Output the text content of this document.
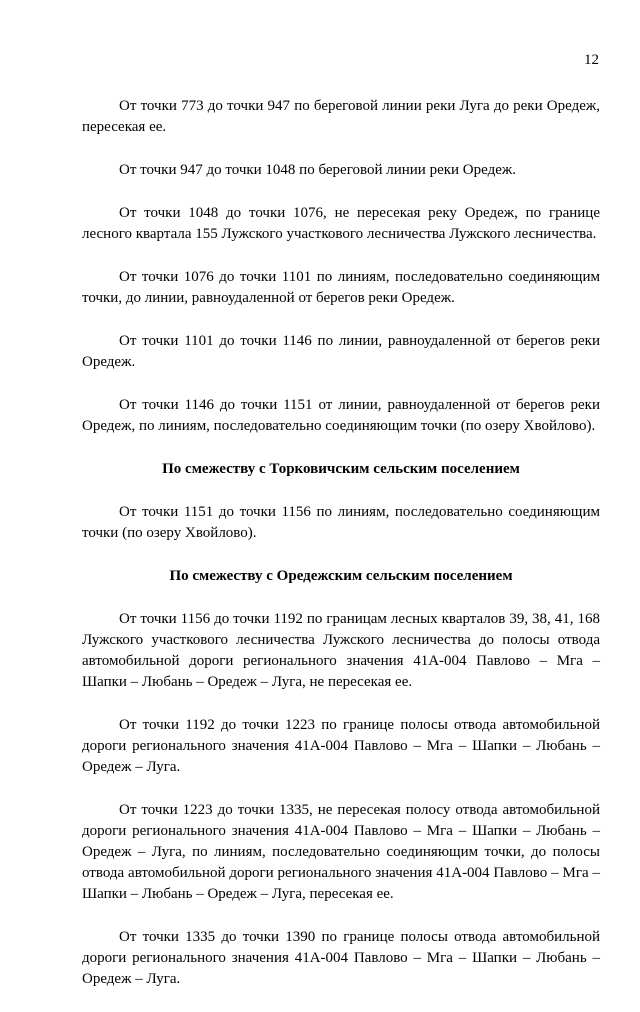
12

От точки 773 до точки 947 по береговой линии реки Луга до реки Оредеж, пересекая ее.

От точки 947 до точки 1048 по береговой линии реки Оредеж.

От точки 1048 до точки 1076, не пересекая реку Оредеж, по границе лесного квартала 155 Лужского участкового лесничества Лужского лесничества.

От точки 1076 до точки 1101 по линиям, последовательно соединяющим точки, до линии, равноудаленной от берегов реки Оредеж.

От точки 1101 до точки 1146 по линии, равноудаленной от берегов реки Оредеж.

От точки 1146 до точки 1151 от линии, равноудаленной от берегов реки Оредеж, по линиям, последовательно соединяющим точки (по озеру Хвойлово).

По смежеству с Торковичским сельским поселением

От точки 1151 до точки 1156 по линиям, последовательно соединяющим точки (по озеру Хвойлово).

По смежеству с Оредежским сельским поселением

От точки 1156 до точки 1192 по границам лесных кварталов 39, 38, 41, 168 Лужского участкового лесничества Лужского лесничества до полосы отвода автомобильной дороги регионального значения 41А-004 Павлово – Мга – Шапки – Любань – Оредеж – Луга, не пересекая ее.

От точки 1192 до точки 1223 по границе полосы отвода автомобильной дороги регионального значения 41А-004 Павлово – Мга – Шапки – Любань – Оредеж – Луга.

От точки 1223 до точки 1335, не пересекая полосу отвода автомобильной дороги регионального значения 41А-004 Павлово – Мга – Шапки – Любань – Оредеж – Луга, по линиям, последовательно соединяющим точки, до полосы отвода автомобильной дороги регионального значения 41А-004 Павлово – Мга – Шапки – Любань – Оредеж – Луга, пересекая ее.

От точки 1335 до точки 1390 по границе полосы отвода автомобильной дороги регионального значения 41А-004 Павлово – Мга – Шапки – Любань – Оредеж – Луга.
